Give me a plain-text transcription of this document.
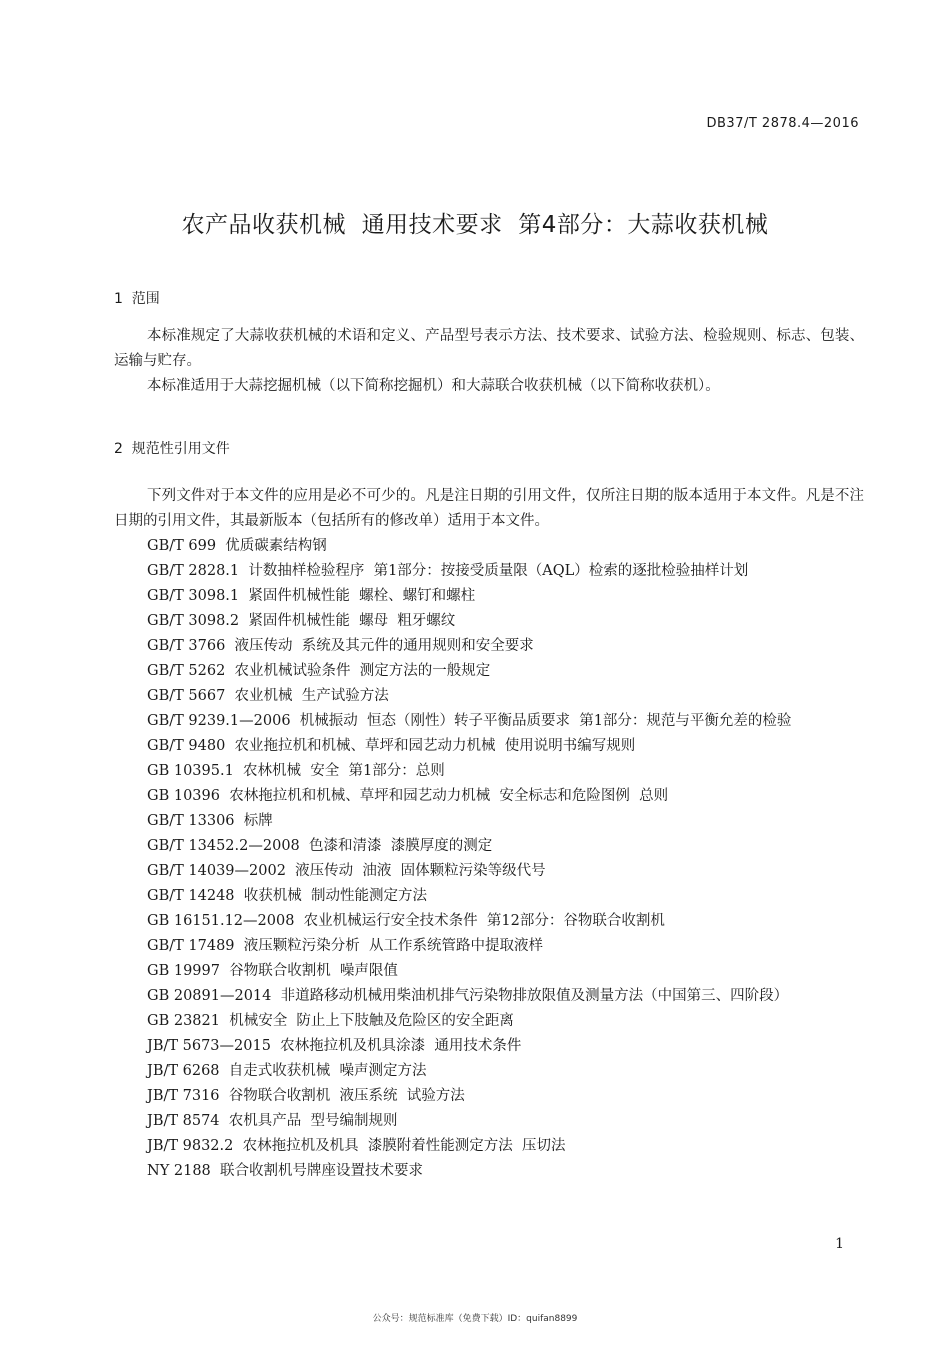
DB37/T 2878.4—2016
农产品收获机械  通用技术要求  第4部分：大蒜收获机械
1  范围

本标准规定了大蒜收获机械的术语和定义、产品型号表示方法、技术要求、试验方法、检验规则、标志、包装、运输与贮存。

本标准适用于大蒜挖掘机械（以下简称挖掘机）和大蒜联合收获机械（以下简称收获机）。

2  规范性引用文件

下列文件对于本文件的应用是必不可少的。凡是注日期的引用文件，仅所注日期的版本适用于本文件。凡是不注日期的引用文件，其最新版本（包括所有的修改单）适用于本文件。

GB/T 699  优质碳素结构钢
GB/T 2828.1  计数抽样检验程序  第1部分：按接受质量限（AQL）检索的逐批检验抽样计划
GB/T 3098.1  紧固件机械性能  螺栓、螺钉和螺柱
GB/T 3098.2  紧固件机械性能  螺母  粗牙螺纹
GB/T 3766  液压传动  系统及其元件的通用规则和安全要求
GB/T 5262  农业机械试验条件  测定方法的一般规定
GB/T 5667  农业机械  生产试验方法
GB/T 9239.1—2006  机械振动  恒态（刚性）转子平衡品质要求  第1部分：规范与平衡允差的检验
GB/T 9480  农业拖拉机和机械、草坪和园艺动力机械  使用说明书编写规则
GB 10395.1  农林机械  安全  第1部分：总则
GB 10396  农林拖拉机和机械、草坪和园艺动力机械  安全标志和危险图例  总则
GB/T 13306  标牌
GB/T 13452.2—2008  色漆和清漆  漆膜厚度的测定
GB/T 14039—2002  液压传动  油液  固体颗粒污染等级代号
GB/T 14248  收获机械  制动性能测定方法
GB 16151.12—2008  农业机械运行安全技术条件  第12部分：谷物联合收割机
GB/T 17489  液压颗粒污染分析  从工作系统管路中提取液样
GB 19997  谷物联合收割机  噪声限值
GB 20891—2014  非道路移动机械用柴油机排气污染物排放限值及测量方法（中国第三、四阶段）
GB 23821  机械安全  防止上下肢触及危险区的安全距离
JB/T 5673—2015  农林拖拉机及机具涂漆  通用技术条件
JB/T 6268  自走式收获机械  噪声测定方法
JB/T 7316  谷物联合收割机  液压系统  试验方法
JB/T 8574  农机具产品  型号编制规则
JB/T 9832.2  农林拖拉机及机具  漆膜附着性能测定方法  压切法
NY 2188  联合收割机号牌座设置技术要求
1
公众号：规范标准库（免费下载）ID：quifan8899
